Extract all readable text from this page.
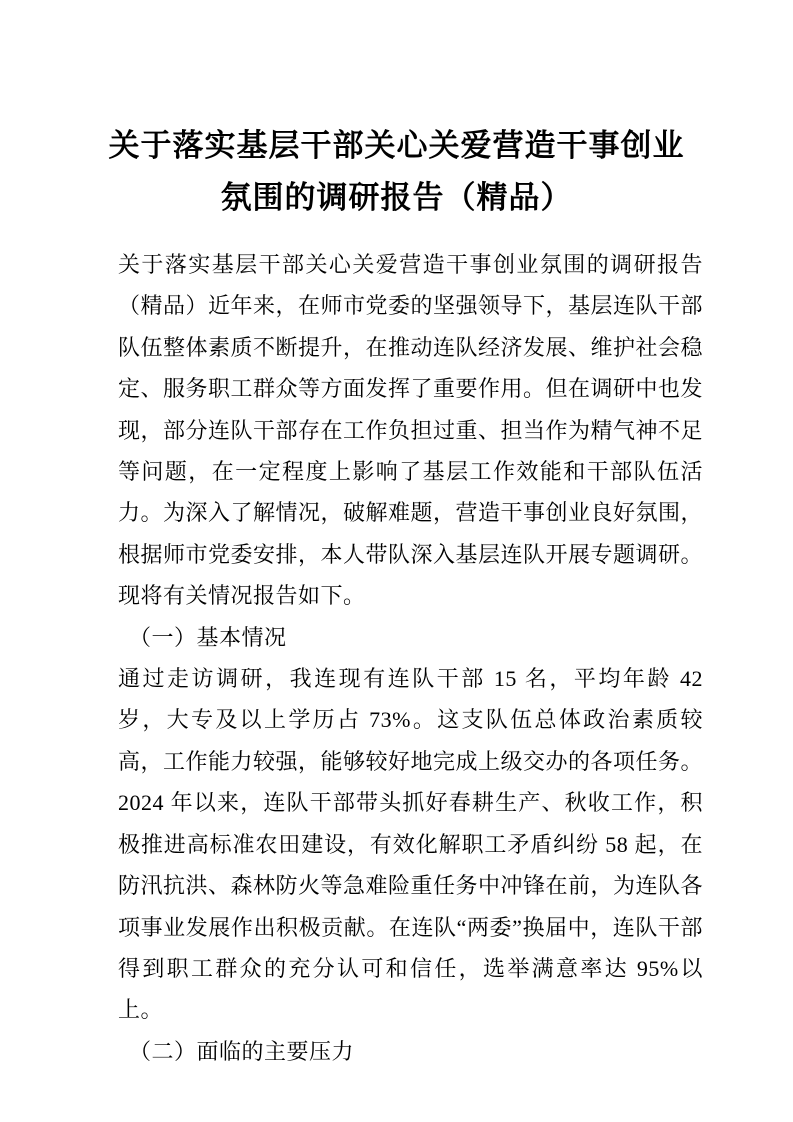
关于落实基层干部关心关爱营造干事创业
氛围的调研报告（精品）

关于落实基层干部关心关爱营造干事创业氛围的调研报告（精品）近年来，在师市党委的坚强领导下，基层连队干部队伍整体素质不断提升，在推动连队经济发展、维护社会稳定、服务职工群众等方面发挥了重要作用。但在调研中也发现，部分连队干部存在工作负担过重、担当作为精气神不足等问题，在一定程度上影响了基层工作效能和干部队伍活力。为深入了解情况，破解难题，营造干事创业良好氛围，根据师市党委安排，本人带队深入基层连队开展专题调研。现将有关情况报告如下。

（一）基本情况

通过走访调研，我连现有连队干部 15 名，平均年龄 42 岁，大专及以上学历占 73%。这支队伍总体政治素质较高，工作能力较强，能够较好地完成上级交办的各项任务。2024 年以来，连队干部带头抓好春耕生产、秋收工作，积极推进高标准农田建设，有效化解职工矛盾纠纷 58 起，在防汛抗洪、森林防火等急难险重任务中冲锋在前，为连队各项事业发展作出积极贡献。在连队“两委”换届中，连队干部得到职工群众的充分认可和信任，选举满意率达 95%以上。

（二）面临的主要压力
